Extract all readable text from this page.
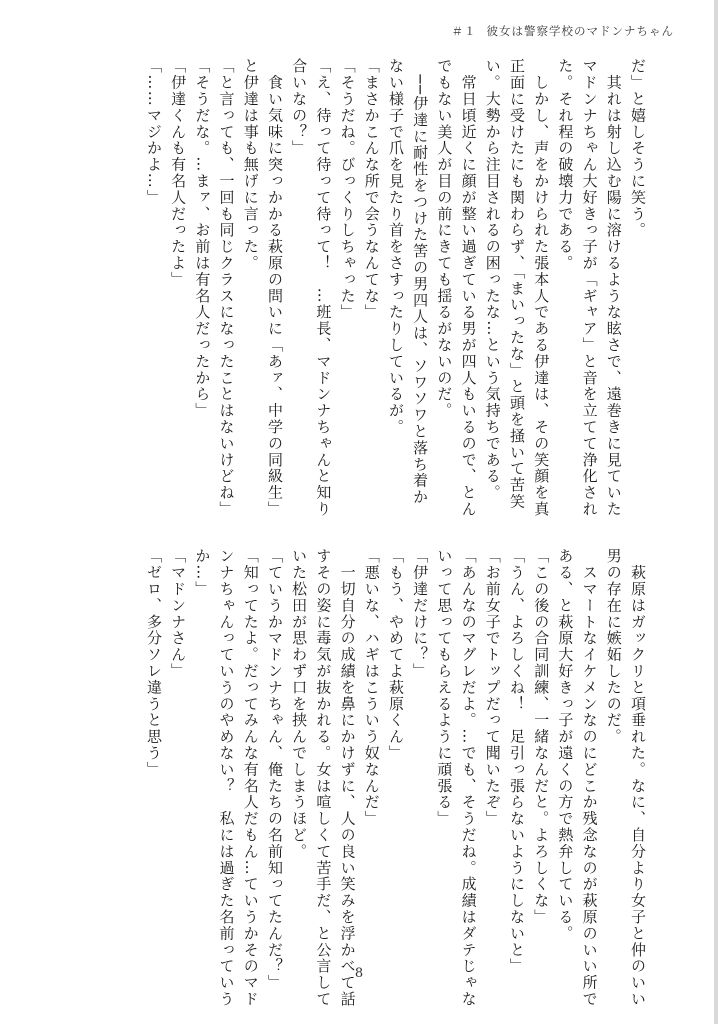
＃１ 彼女は警察学校のマドンナちゃん

だ」と嬉しそうに笑う。

　其れは射し込む陽に溶けるような眩さで、遠巻きに見ていた

マドンナちゃん大好きっ子が「ギャア」と音を立てて浄化され

た。それ程の破壊力である。

　しかし、声をかけられた張本人である伊達は、その笑顔を真

正面に受けたにも関わらず、「まいったな」と頭を掻いて苦笑

い。大勢から注目されるの困ったな…という気持ちである。

　常日頃近くに顔が整い過ぎている男が四人もいるので、とん

でもない美人が目の前にきても揺るがないのだ。

　──伊達に耐性をつけた筈の男四人は、ソワソワと落ち着か

ない様子で爪を見たり首をさすったりしているが。

「まさかこんな所で会うなんてな」

「そうだね。びっくりしちゃった」

「え、待って待って待って！　…班長、マドンナちゃんと知り

合いなの？」

　食い気味に突っかかる萩原の問いに「あァ、中学の同級生」

と伊達は事も無げに言った。

「と言っても、一回も同じクラスになったことはないけどね」

「そうだな。…まァ、お前は有名人だったから」

「伊達くんも有名人だったよ」

「……マジかよ…」

　萩原はガックリと項垂れた。なに、自分より女子と仲のいい

男の存在に嫉妬したのだ。

　スマートなイケメンなのにどこか残念なのが萩原のいい所で

ある、と萩原大好きっ子が遠くの方で熱弁している。

「この後の合同訓練、一緒なんだと。よろしくな」

「うん、よろしくね！　足引っ張らないようにしないと」

「お前女子でトップだって聞いたぞ」

「あんなのマグレだよ。…でも、そうだね。成績はダテじゃな

いって思ってもらえるように頑張る」

「伊達だけに？」

「もう、やめてよ萩原くん」

「悪いな、ハギはこういう奴なんだ」

　一切自分の成績を鼻にかけずに、人の良い笑みを浮かべて話

すその姿に毒気が抜かれる。女は喧しくて苦手だ、と公言して

いた松田が思わず口を挟んでしまうほど。

「ていうかマドンナちゃん、俺たちの名前知ってたんだ？」

「知ってたよ。だってみんな有名人だもん…ていうかそのマド

ンナちゃんっていうのやめない？　私には過ぎた名前っていう

か…」

「マドンナさん」

「ゼロ、多分ソレ違うと思う」

8
